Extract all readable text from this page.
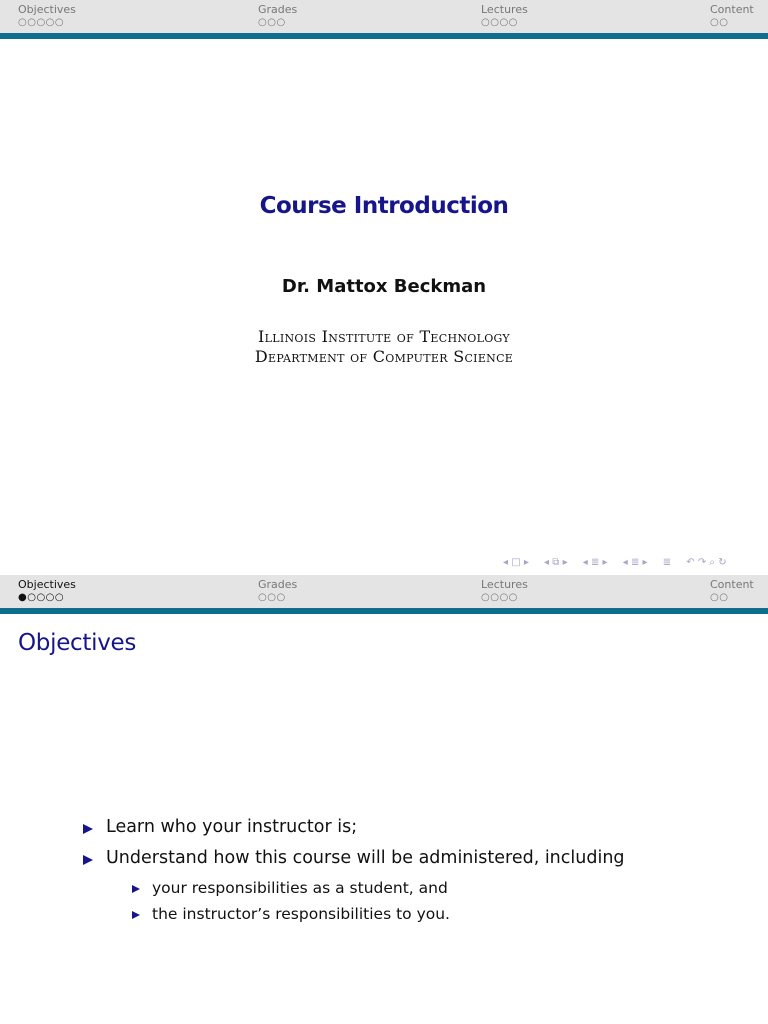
Objectives
○○○○○
Grades
○○○
Lectures
○○○○
Content
○○
Course Introduction
Dr. Mattox Beckman
Illinois Institute of Technology
Department of Computer Science
◂ □ ▸ ◂ ⧉ ▸ ◂ ≣ ▸ ◂ ≣ ▸ ≣ ↶ ↷ ⌕ ↻
Objectives
●○○○○
Grades
○○○
Lectures
○○○○
Content
○○
Objectives
Learn who your instructor is;
Understand how this course will be administered, including
your responsibilities as a student, and
the instructor’s responsibilities to you.
